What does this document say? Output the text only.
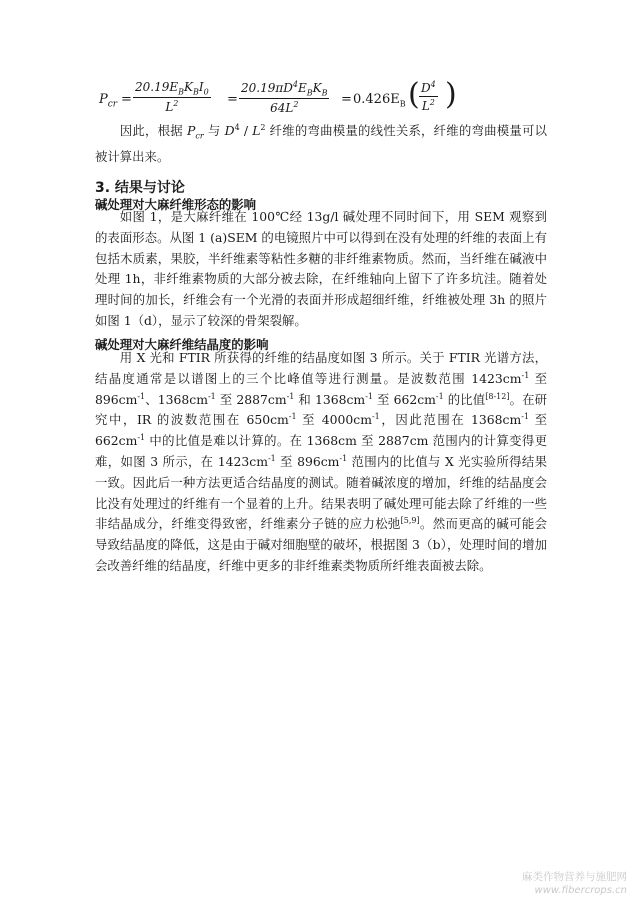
$P_{cr}$ =
$20.19E_BK_BI_0$
$L^2$	=
$20.19\pi D^4E_BK_B$
$64L^2$	= $0.426E_B$ ( $\frac{D^4}{L^2}$ )

因此，根据 $P_{cr}$ 与 $D^4 / L^2$ 纤维的弯曲模量的线性关系，纤维的弯曲模量可以被计算出来。

3. 结果与讨论
碱处理对大麻纤维形态的影响

如图 1，是大麻纤维在 100℃经 13g/l 碱处理不同时间下，用 SEM 观察到的表面形态。从图 1 (a)SEM 的电镜照片中可以得到在没有处理的纤维的表面上有包括木质素，果胶，半纤维素等粘性多糖的非纤维素物质。然而，当纤维在碱液中处理 1h，非纤维素物质的大部分被去除，在纤维轴向上留下了许多坑洼。随着处理时间的加长，纤维会有一个光滑的表面并形成超细纤维，纤维被处理 3h 的照片如图 1（d），显示了较深的骨架裂解。

碱处理对大麻纤维结晶度的影响

用 X 光和 FTIR 所获得的纤维的结晶度如图 3 所示。关于 FTIR 光谱方法，结晶度通常是以谱图上的三个比峰值等进行测量。是波数范围 $1423cm^{-1}$ 至 $896cm^{-1}$、$1368cm^{-1}$ 至 $2887cm^{-1}$ 和 $1368cm^{-1}$ 至 $662cm^{-1}$ 的比值[8-12]。在研究中，IR 的波数范围在 $650cm^{-1}$ 至 $4000cm^{-1}$，因此范围在 $1368cm^{-1}$ 至 $662cm^{-1}$ 中的比值是难以计算的。在 1368cm 至 2887cm 范围内的计算变得更难，如图 3 所示，在 $1423cm^{-1}$ 至 $896cm^{-1}$ 范围内的比值与 X 光实验所得结果一致。因此后一种方法更适合结晶度的测试。随着碱浓度的增加，纤维的结晶度会比没有处理过的纤维有一个显着的上升。结果表明了碱处理可能去除了纤维的一些非结晶成分，纤维变得致密，纤维素分子链的应力松弛[5,9]。然而更高的碱可能会导致结晶度的降低，这是由于碱对细胞壁的破坏，根据图 3（b），处理时间的增加会改善纤维的结晶度，纤维中更多的非纤维素类物质所纤维表面被去除。

麻类作物营养与施肥网
www.fibercrops.cn
